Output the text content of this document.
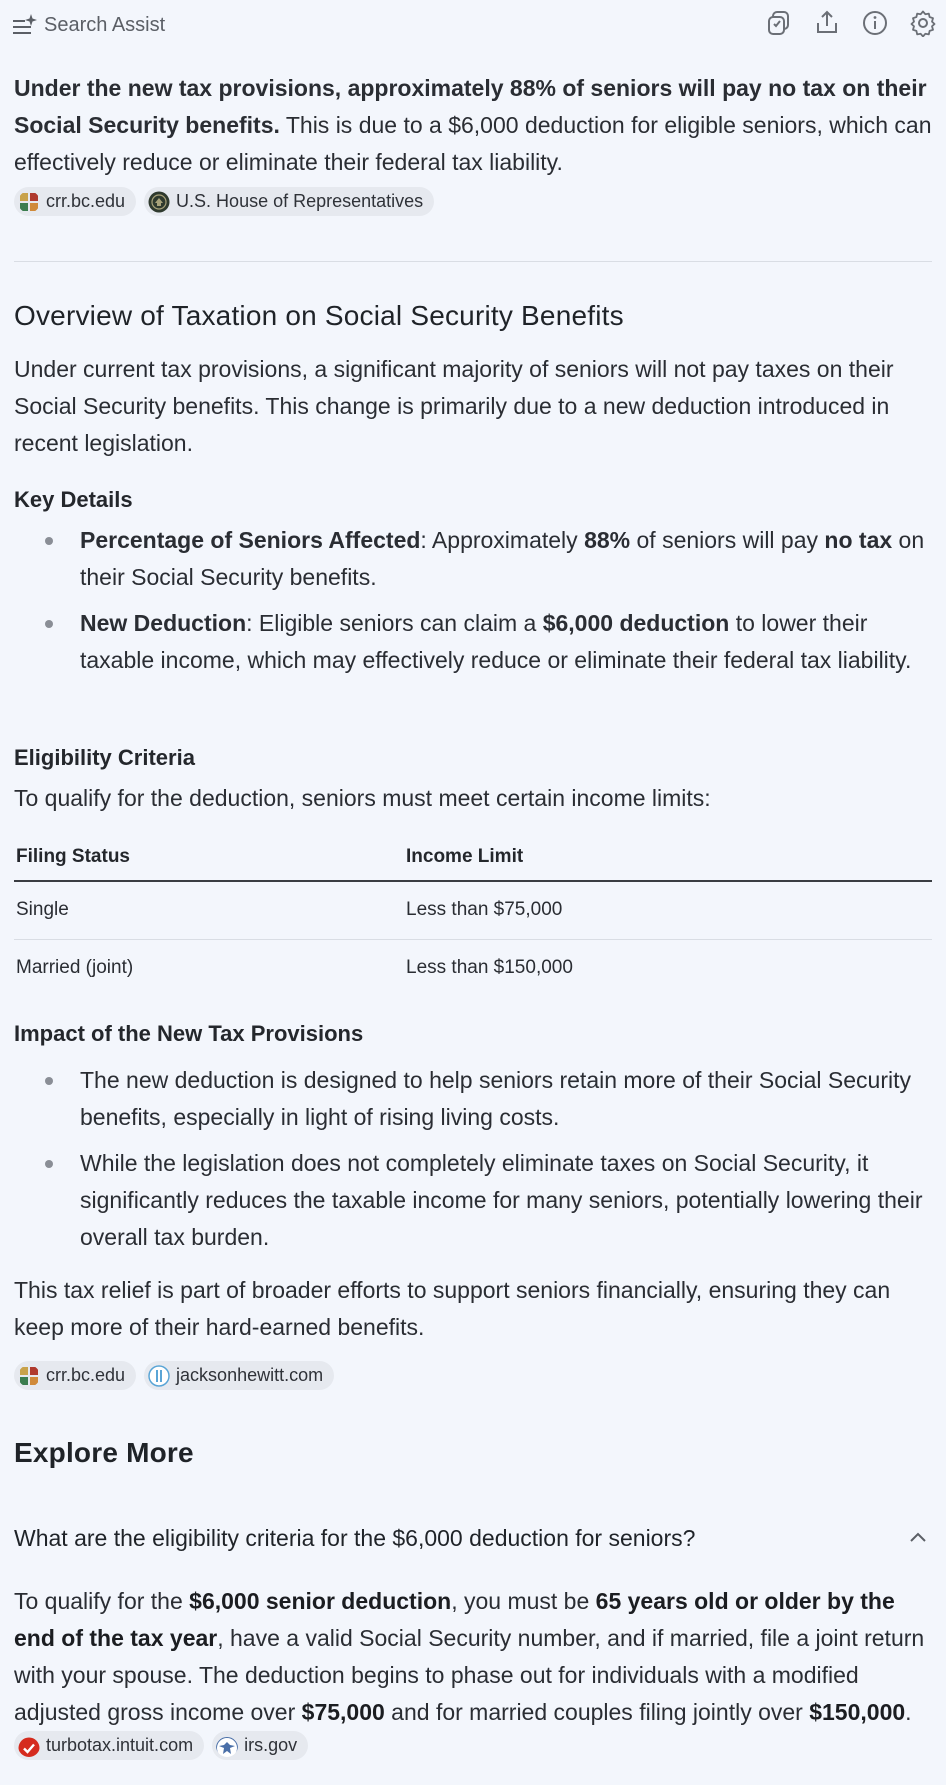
Search Assist

Under the new tax provisions, approximately 88% of seniors will pay no tax on their Social Security benefits. This is due to a $6,000 deduction for eligible seniors, which can effectively reduce or eliminate their federal tax liability.

crr.bc.edu	U.S. House of Representatives
Overview of Taxation on Social Security Benefits

Under current tax provisions, a significant majority of seniors will not pay taxes on their Social Security benefits. This change is primarily due to a new deduction introduced in recent legislation.

Key Details
Percentage of Seniors Affected: Approximately 88% of seniors will pay no tax on their Social Security benefits.
New Deduction: Eligible seniors can claim a $6,000 deduction to lower their taxable income, which may effectively reduce or eliminate their federal tax liability.
Eligibility Criteria

To qualify for the deduction, seniors must meet certain income limits:

Filing Status	Income Limit
Single	Less than $75,000
Married (joint)	Less than $150,000
Impact of the New Tax Provisions
The new deduction is designed to help seniors retain more of their Social Security benefits, especially in light of rising living costs.
While the legislation does not completely eliminate taxes on Social Security, it significantly reduces the taxable income for many seniors, potentially lowering their overall tax burden.

This tax relief is part of broader efforts to support seniors financially, ensuring they can keep more of their hard-earned benefits.

crr.bc.edu	jacksonhewitt.com
Explore More
What are the eligibility criteria for the $6,000 deduction for seniors?

To qualify for the $6,000 senior deduction, you must be 65 years old or older by the end of the tax year, have a valid Social Security number, and if married, file a joint return with your spouse. The deduction begins to phase out for individuals with a modified adjusted gross income over $75,000 and for married couples filing jointly over $150,000.
turbotax.intuit.com	irs.gov
